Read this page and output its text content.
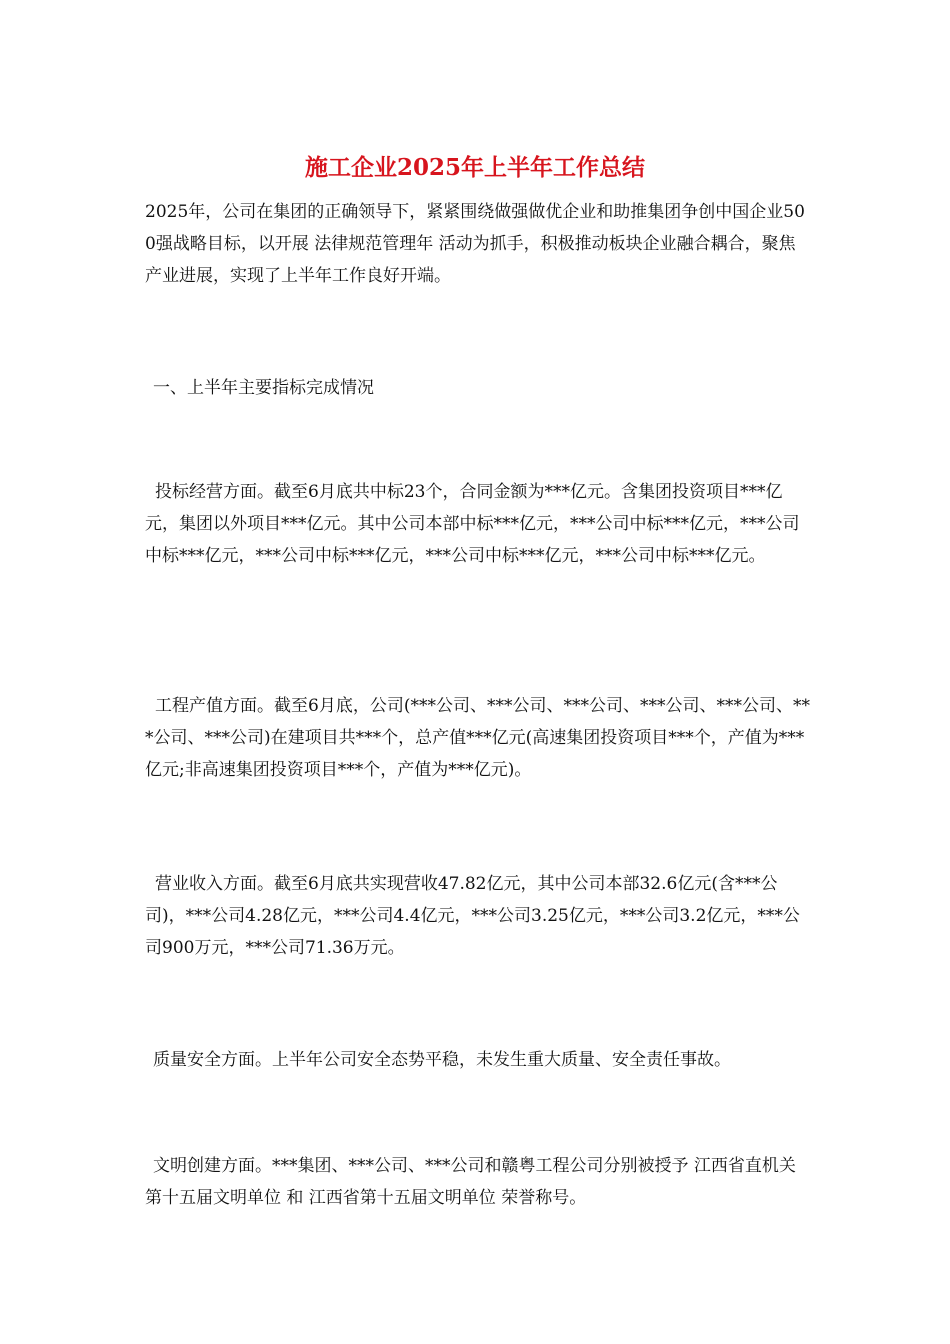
施工企业2025年上半年工作总结

2025年，公司在集团的正确领导下，紧紧围绕做强做优企业和助推集团争创中国企业500强战略目标，以开展 法律规范管理年 活动为抓手，积极推动板块企业融合耦合，聚焦产业进展，实现了上半年工作良好开端。

一、上半年主要指标完成情况

投标经营方面。截至6月底共中标23个，合同金额为***亿元。含集团投资项目***亿元，集团以外项目***亿元。其中公司本部中标***亿元，***公司中标***亿元，***公司中标***亿元，***公司中标***亿元，***公司中标***亿元，***公司中标***亿元。

工程产值方面。截至6月底，公司(***公司、***公司、***公司、***公司、***公司、***公司、***公司)在建项目共***个，总产值***亿元(高速集团投资项目***个，产值为***亿元;非高速集团投资项目***个，产值为***亿元)。

营业收入方面。截至6月底共实现营收47.82亿元，其中公司本部32.6亿元(含***公司)，***公司4.28亿元，***公司4.4亿元，***公司3.25亿元，***公司3.2亿元，***公司900万元，***公司71.36万元。

质量安全方面。上半年公司安全态势平稳，未发生重大质量、安全责任事故。

文明创建方面。***集团、***公司、***公司和赣粤工程公司分别被授予 江西省直机关第十五届文明单位 和 江西省第十五届文明单位 荣誉称号。
